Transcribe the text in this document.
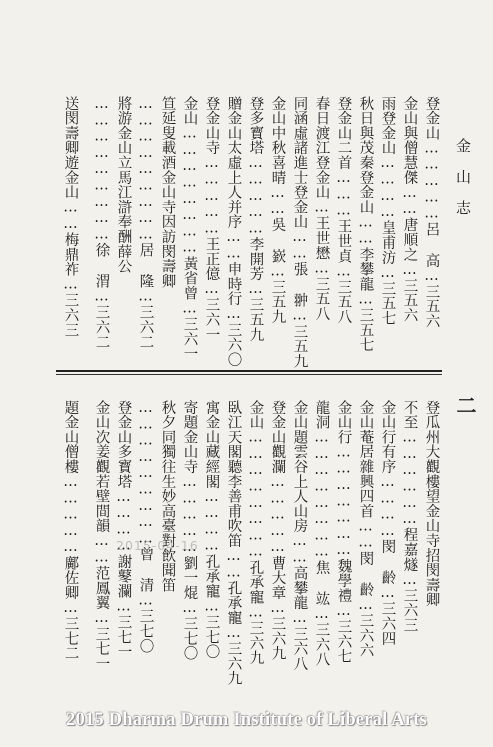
金山志
二
登金山……………呂 高…三五六
金山與僧慧傑……唐順之…三五六
雨登金山…………皇甫汸…三五七
秋日與茂秦登金山……李攀龍…三五七
登金山二首………王世貞…三五八
春日渡江登金山…王世懋…三五八
同涵虛諸進士登金山……張 翀…三五九
金山中秋喜晴……吳 嶔…三五九
登多寳塔……………李開芳…三五九
贈金山太虛上人并序……申時行…三六〇
登金山寺……………王正億…三六一
金山……………………黃省曾…三六一
笪延叟載酒金山寺因訪閔壽卿
………………………居 隆…三六二
將游金山立馬江滸奉酬薛公
………………………徐 渭…三六二
送閔壽卿遊金山……梅鼎祚…三六三
登瓜州大觀樓望金山寺招閔壽卿
不至………………程嘉燧…三六三
金山行有序…………閔 齡…三六四
金山菴居雜興四首……閔 齡…三六六
金山行…………………魏學禮…三六七
龍洞……………………焦 竑…三六八
金山題雲谷上人山房……高攀龍…三六八
登金山觀瀾……………曹大章…三六九
金山……………………孔承寵…三六九
臥江天閣聽李善甫吹笛……孔承寵…三六九
寓金山藏經閣…………孔承寵…三七〇
寄題金山寺……………劉一焜…三七〇
秋夕同獨往生妙高臺對飲聞笛
………………………曾 清…三七〇
登金山多寳塔…………謝鼕瀾…三七一
金山次姜觀若壁間韻……范鳳翼…三七一
題金山僧樓……………鄺佐卿…三七二	2015-04-16
2015 Dharma Drum Institute of Liberal Arts
